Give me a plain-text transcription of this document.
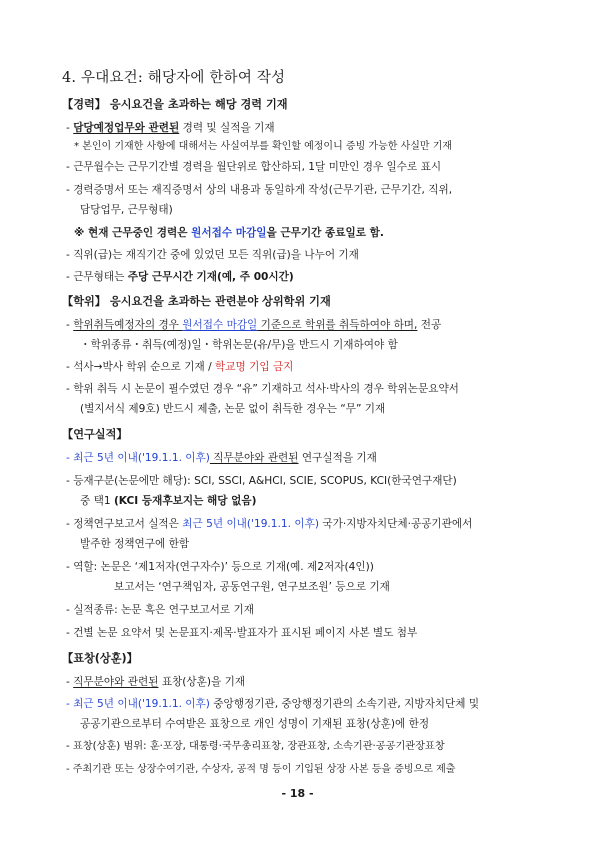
4. 우대요건: 해당자에 한하여 작성
【경력】 응시요건을 초과하는 해당 경력 기재
- 담당예정업무와 관련된 경력 및 실적을 기재
* 본인이 기재한 사항에 대해서는 사실여부를 확인할 예정이니 증빙 가능한 사실만 기재
- 근무월수는 근무기간별 경력을 월단위로 합산하되, 1달 미만인 경우 일수로 표시
- 경력증명서 또는 재직증명서 상의 내용과 동일하게 작성(근무기관, 근무기간, 직위,
담당업무, 근무형태)
※ 현재 근무중인 경력은 원서접수 마감일을 근무기간 종료일로 함.
- 직위(급)는 재직기간 중에 있었던 모든 직위(급)을 나누어 기재
- 근무형태는 주당 근무시간 기재(예, 주 00시간)
【학위】 응시요건을 초과하는 관련분야 상위학위 기재
- 학위취득예정자의 경우 원서접수 마감일 기준으로 학위를 취득하여야 하며, 전공
・학위종류・취득(예정)일・학위논문(유/무)을 반드시 기재하여야 함
- 석사→박사 학위 순으로 기재 / 학교명 기입 금지
- 학위 취득 시 논문이 필수였던 경우 “유” 기재하고 석사·박사의 경우 학위논문요약서
(별지서식 제9호) 반드시 제출, 논문 없이 취득한 경우는 “무” 기재
【연구실적】
- 최근 5년 이내('19.1.1. 이후) 직무분야와 관련된 연구실적을 기재
- 등재구분(논문에만 해당): SCI, SSCI, A&HCI, SCIE, SCOPUS, KCI(한국연구재단)
중 택1 (KCI 등재후보지는 해당 없음)
- 정책연구보고서 실적은 최근 5년 이내('19.1.1. 이후) 국가·지방자치단체·공공기관에서
발주한 정책연구에 한함
- 역할: 논문은 ‘제1저자(연구자수)’ 등으로 기재(예. 제2저자(4인))
보고서는 ‘연구책임자, 공동연구원, 연구보조원’ 등으로 기재
- 실적종류: 논문 혹은 연구보고서로 기재
- 건별 논문 요약서 및 논문표지·제목·발표자가 표시된 페이지 사본 별도 첨부
【표창(상훈)】
- 직무분야와 관련된 표창(상훈)을 기재
- 최근 5년 이내('19.1.1. 이후) 중앙행정기관, 중앙행정기관의 소속기관, 지방자치단체 및
공공기관으로부터 수여받은 표창으로 개인 성명이 기재된 표창(상훈)에 한정
- 표창(상훈) 범위: 훈·포장, 대통령·국무총리표창, 장관표창, 소속기관·공공기관장표창
- 주최기관 또는 상장수여기관, 수상자, 공적 명 등이 기입된 상장 사본 등을 증빙으로 제출
- 18 -
